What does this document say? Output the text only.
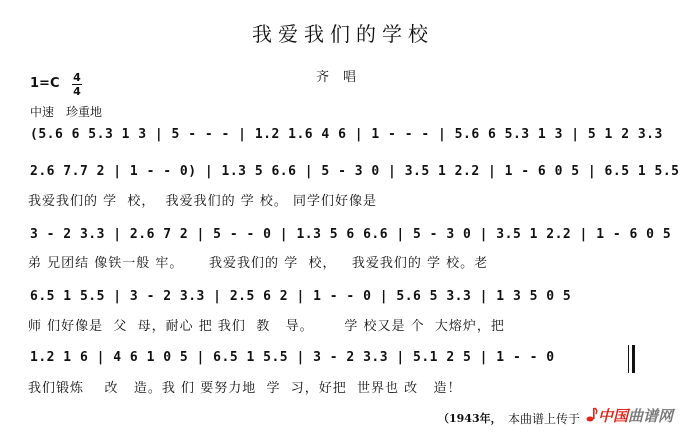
我爱我们的学校
齐唱
1=C 4
4
中速　珍重地
(5.6 6 5.3 1 3 | 5 - - - | 1.2 1.6 4 6 | 1 - - - | 5.6 6 5.3 1 3 | 5 1 2 3.3
2.6 7.7 2 | 1 - - 0) | 1.3 5 6.6 | 5 - 3 0 | 3.5 1 2.2 | 1 - 6 0 5 | 6.5 1 5.5
我爱我们的 学  校，  我爱我们的 学 校。 同学们好像是
3 - 2 3.3 | 2.6 7 2 | 5 - - 0 | 1.3 5 6 6.6 | 5 - 3 0 | 3.5 1 2.2 | 1 - 6 0 5
弟 兄团结 像铁一般 牢。     我爱我们的 学  校，   我爱我们的 学 校。老
6.5 1 5.5 | 3 - 2 3.3 | 2.5 6 2 | 1 - - 0 | 5.6 5 3.3 | 1 3 5 0 5
师 们好像是  父  母，耐心 把 我们  教   导。      学 校又是 个  大熔炉，把
1.2 1 6 | 4 6 1 0 5 | 6.5 1 5.5 | 3 - 2 3.3 | 5.1 2 5 | 1 - - 0
我们锻炼    改   造。我 们 要努力地  学  习，好把  世界也 改   造！
（1943年， 本曲谱上传于 中国曲谱网
